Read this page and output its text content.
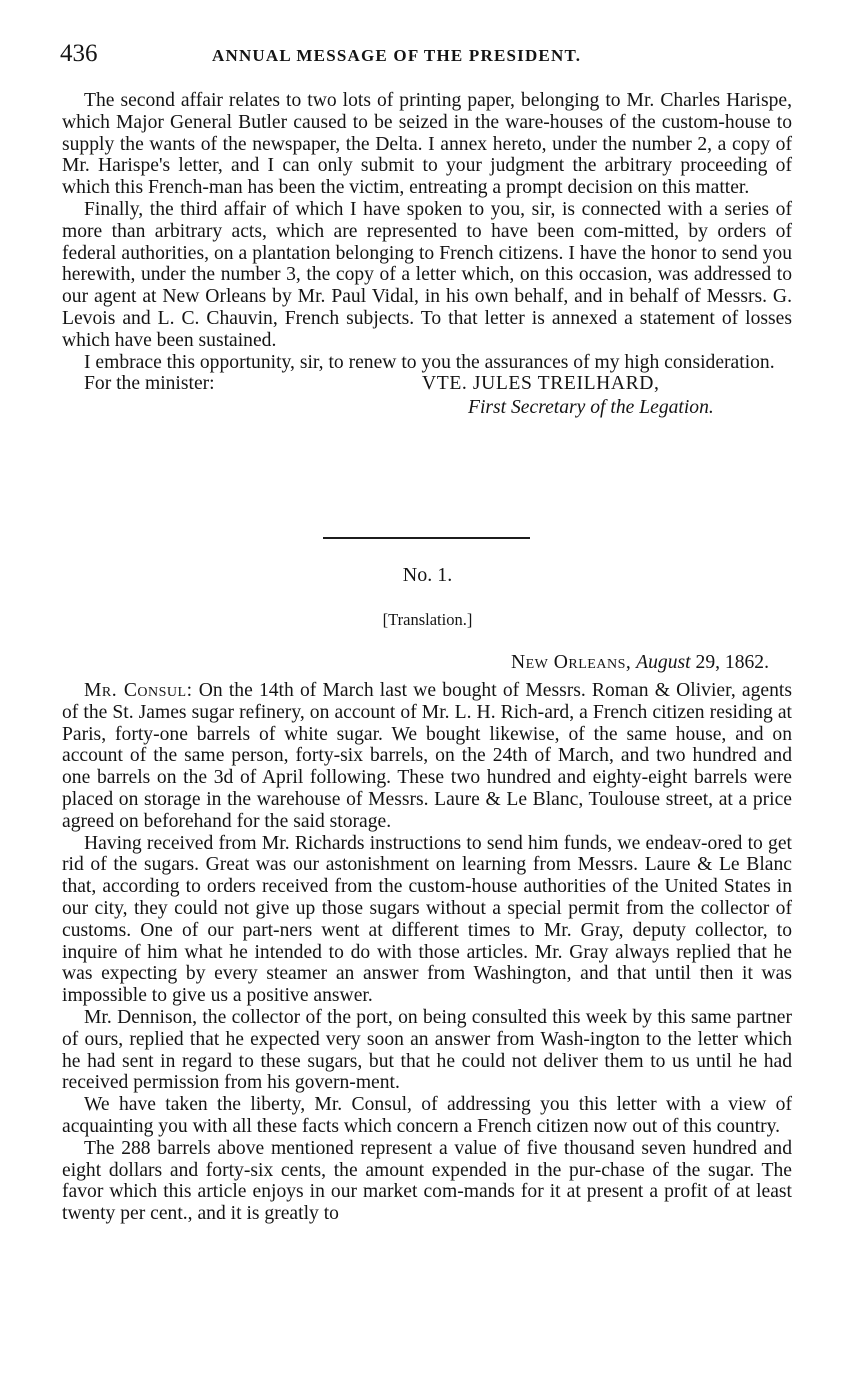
436	ANNUAL MESSAGE OF THE PRESIDENT.

The second affair relates to two lots of printing paper, belonging to Mr. Charles Harispe, which Major General Butler caused to be seized in the ware-houses of the custom-house to supply the wants of the newspaper, the Delta. I annex hereto, under the number 2, a copy of Mr. Harispe's letter, and I can only submit to your judgment the arbitrary proceeding of which this French-man has been the victim, entreating a prompt decision on this matter.

Finally, the third affair of which I have spoken to you, sir, is connected with a series of more than arbitrary acts, which are represented to have been com-mitted, by orders of federal authorities, on a plantation belonging to French citizens. I have the honor to send you herewith, under the number 3, the copy of a letter which, on this occasion, was addressed to our agent at New Orleans by Mr. Paul Vidal, in his own behalf, and in behalf of Messrs. G. Levois and L. C. Chauvin, French subjects. To that letter is annexed a statement of losses which have been sustained.

I embrace this opportunity, sir, to renew to you the assurances of my high consideration.

For the minister:	VTE. JULES TREILHARD,
First Secretary of the Legation.
No. 1.
[Translation.]
New Orleans, August 29, 1862.

Mr. Consul: On the 14th of March last we bought of Messrs. Roman & Olivier, agents of the St. James sugar refinery, on account of Mr. L. H. Rich-ard, a French citizen residing at Paris, forty-one barrels of white sugar. We bought likewise, of the same house, and on account of the same person, forty-six barrels, on the 24th of March, and two hundred and one barrels on the 3d of April following. These two hundred and eighty-eight barrels were placed on storage in the warehouse of Messrs. Laure & Le Blanc, Toulouse street, at a price agreed on beforehand for the said storage.

Having received from Mr. Richards instructions to send him funds, we endeav-ored to get rid of the sugars. Great was our astonishment on learning from Messrs. Laure & Le Blanc that, according to orders received from the custom-house authorities of the United States in our city, they could not give up those sugars without a special permit from the collector of customs. One of our part-ners went at different times to Mr. Gray, deputy collector, to inquire of him what he intended to do with those articles. Mr. Gray always replied that he was expecting by every steamer an answer from Washington, and that until then it was impossible to give us a positive answer.

Mr. Dennison, the collector of the port, on being consulted this week by this same partner of ours, replied that he expected very soon an answer from Wash-ington to the letter which he had sent in regard to these sugars, but that he could not deliver them to us until he had received permission from his govern-ment.

We have taken the liberty, Mr. Consul, of addressing you this letter with a view of acquainting you with all these facts which concern a French citizen now out of this country.

The 288 barrels above mentioned represent a value of five thousand seven hundred and eight dollars and forty-six cents, the amount expended in the pur-chase of the sugar. The favor which this article enjoys in our market com-mands for it at present a profit of at least twenty per cent., and it is greatly to
